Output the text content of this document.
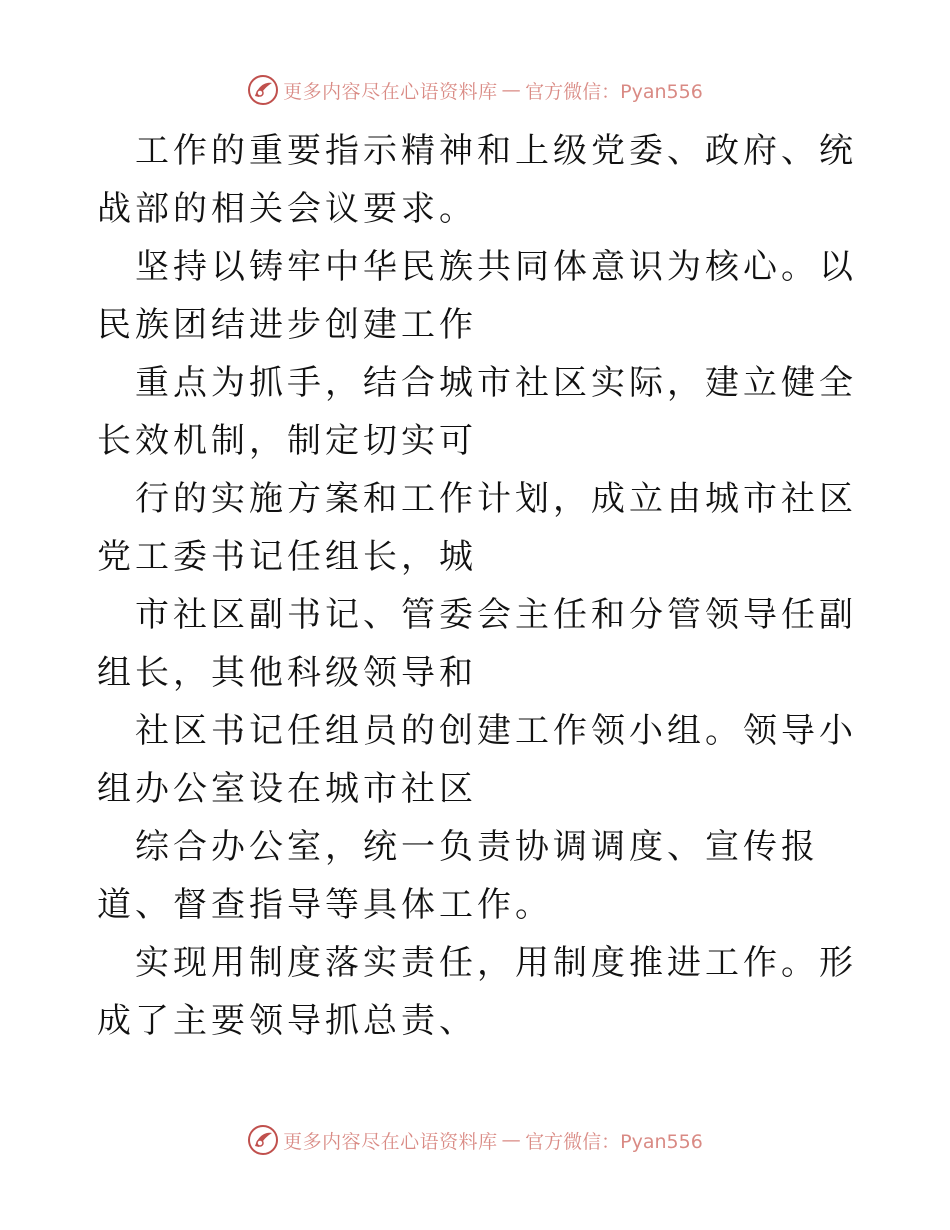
更多内容尽在心语资料库 — 官方微信：Pyan556

工作的重要指示精神和上级党委、政府、统战部的相关会议要求。

坚持以铸牢中华民族共同体意识为核心。以民族团结进步创建工作

重点为抓手，结合城市社区实际，建立健全长效机制，制定切实可

行的实施方案和工作计划，成立由城市社区党工委书记任组长，城

市社区副书记、管委会主任和分管领导任副组长，其他科级领导和

社区书记任组员的创建工作领小组。领导小组办公室设在城市社区

综合办公室，统一负责协调调度、宣传报道、督查指导等具体工作。

实现用制度落实责任，用制度推进工作。形成了主要领导抓总责、

更多内容尽在心语资料库 — 官方微信：Pyan556
